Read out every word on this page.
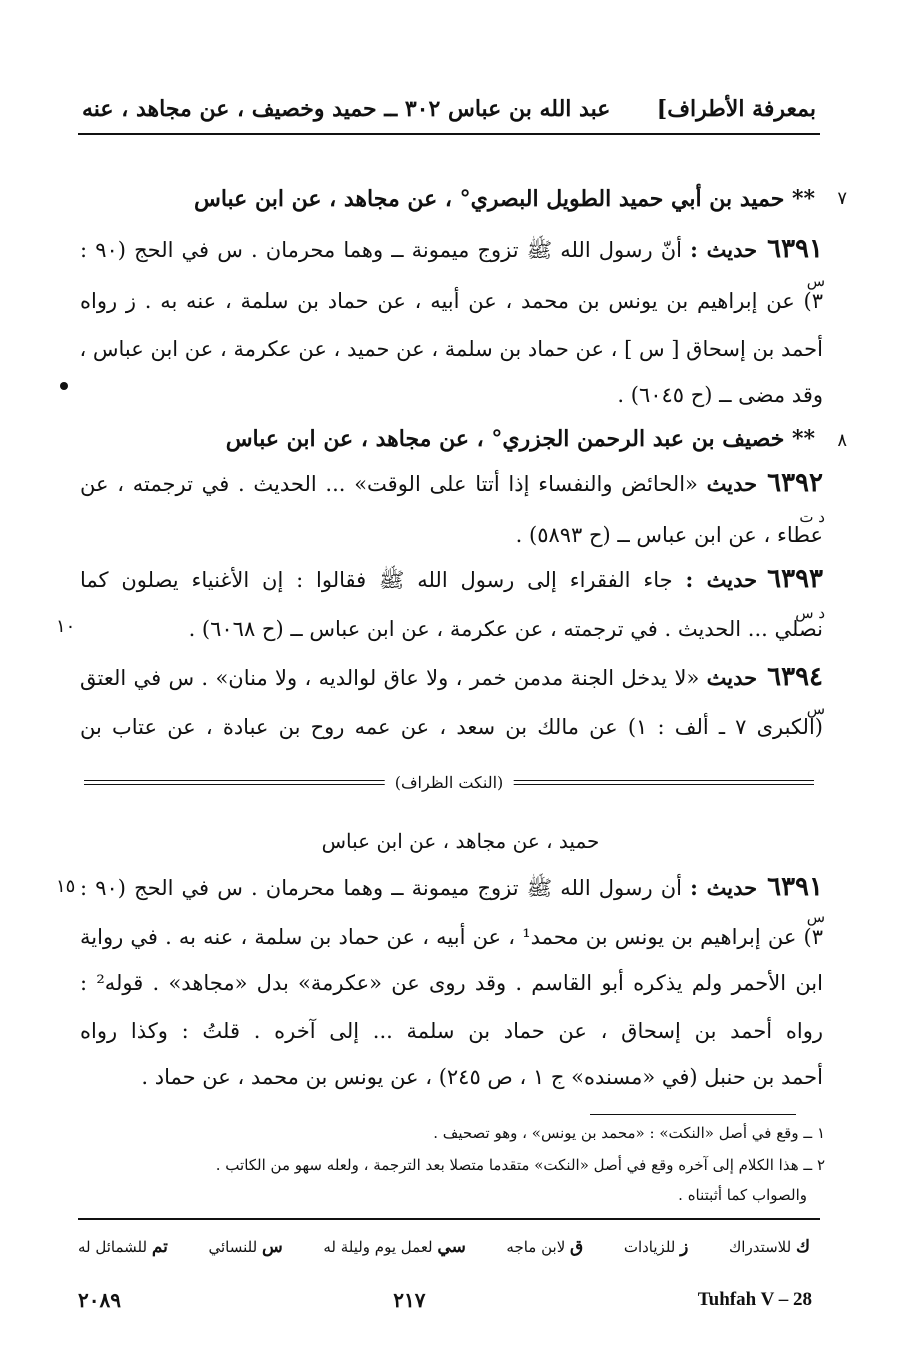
بمعرفة الأطراف]
عبد الله بن عباس ٣٠٢ ــ حميد وخصيف ، عن مجاهد ، عنه
٧
** حميد بن أبي حميد الطويل البصري° ، عن مجاهد ، عن ابن عباس
٦٣٩١حديث : أنّ رسول الله ﷺ تزوج ميمونة ــ وهما محرمان . س في الحج (٩٠ :
س
٣) عن إبراهيم بن يونس بن محمد ، عن أبيه ، عن حماد بن سلمة ، عنه به . ز رواه
أحمد بن إسحاق [ س ] ، عن حماد بن سلمة ، عن حميد ، عن عكرمة ، عن ابن عباس ،
وقد مضى ــ (ح ٦٠٤٥) .
٨
** خصيف بن عبد الرحمن الجزري° ، عن مجاهد ، عن ابن عباس
٦٣٩٢حديث «الحائض والنفساء إذا أتتا على الوقت» ... الحديث . في ترجمته ، عن
د ت
عطاء ، عن ابن عباس ــ (ح ٥٨٩٣) .
٦٣٩٣حديث : جاء الفقراء إلى رسول الله ﷺ فقالوا : إن الأغنياء يصلون كما
د س
نصلي ... الحديث . في ترجمته ، عن عكرمة ، عن ابن عباس ــ (ح ٦٠٦٨) .
١٠
٦٣٩٤حديث «لا يدخل الجنة مدمن خمر ، ولا عاق لوالديه ، ولا منان» . س في العتق
س
(الكبرى ٧ ـ ألف : ١) عن مالك بن سعد ، عن عمه روح بن عبادة ، عن عتاب بن
(النكت الظراف)
حميد ، عن مجاهد ، عن ابن عباس
٦٣٩١حديث : أن رسول الله ﷺ تزوج ميمونة ــ وهما محرمان . س في الحج (٩٠ :
١٥
س
٣) عن إبراهيم بن يونس بن محمد¹ ، عن أبيه ، عن حماد بن سلمة ، عنه به . في رواية
ابن الأحمر ولم يذكره أبو القاسم . وقد روى عن «عكرمة» بدل «مجاهد» . قوله² :
رواه أحمد بن إسحاق ، عن حماد بن سلمة ... إلى آخره . قلتُ : وكذا رواه
أحمد بن حنبل (في «مسنده» ج ١ ، ص ٢٤٥) ، عن يونس بن محمد ، عن حماد .
١ ــ وقع في أصل «النكت» : «محمد بن يونس» ، وهو تصحيف .
٢ ــ هذا الكلام إلى آخره وقع في أصل «النكت» متقدما متصلا بعد الترجمة ، ولعله سهو من الكاتب .
والصواب كما أثبتناه .
تم للشمائل له	س للنسائي	سي لعمل يوم وليلة له	ق لابن ماجه	ز للزيادات	ك للاستدراك
٢٠٨٩	٢١٧	Tuhfah V – 28
